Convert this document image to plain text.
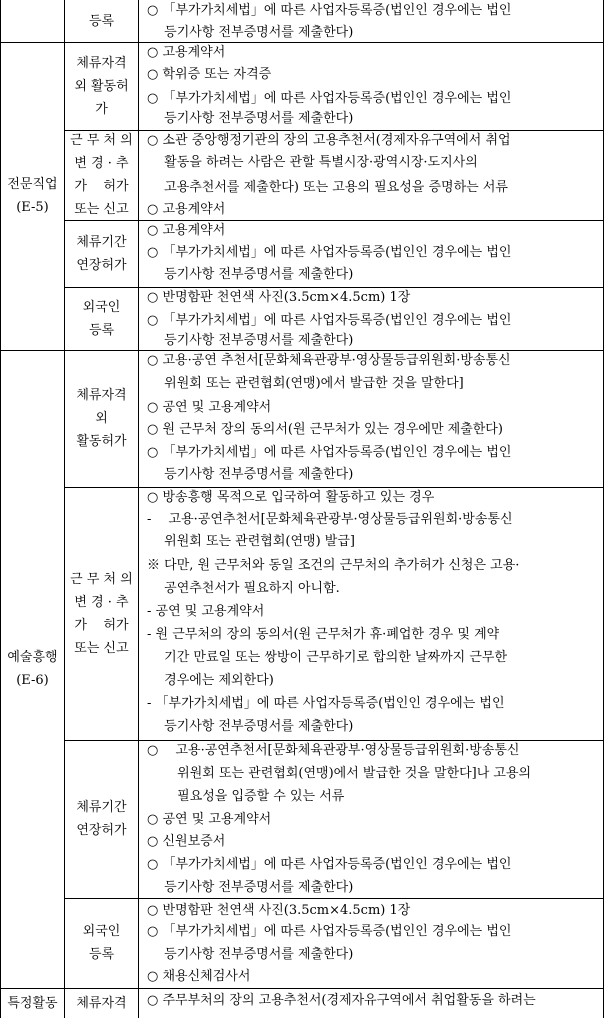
전문직업
(E-5)
예술흥행
(E-6)
특정활동
등록
체류자격
외 활동허
가
근 무 처 의
변 경 · 추
가    허가
또는 신고
체류기간
연장허가
외국인
등록
체류자격
외
활동허가
근 무 처 의
변 경 · 추
가    허가
또는 신고
체류기간
연장허가
외국인
등록
체류자격
○ 「부가가치세법」에 따른 사업자등록증(법인인 경우에는 법인
　 등기사항 전부증명서를 제출한다)
○ 고용계약서
○ 학위증 또는 자격증
○ 「부가가치세법」에 따른 사업자등록증(법인인 경우에는 법인
　 등기사항 전부증명서를 제출한다)
○ 소관 중앙행정기관의 장의 고용추천서(경제자유구역에서 취업
　 활동을 하려는 사람은 관할 특별시장·광역시장·도지사의
　 고용추천서를 제출한다) 또는 고용의 필요성을 증명하는 서류
○ 고용계약서
○ 고용계약서
○ 「부가가치세법」에 따른 사업자등록증(법인인 경우에는 법인
　 등기사항 전부증명서를 제출한다)
○ 반명함판 천연색 사진(3.5cm×4.5cm) 1장
○ 「부가가치세법」에 따른 사업자등록증(법인인 경우에는 법인
　 등기사항 전부증명서를 제출한다)
○ 고용·공연 추천서[문화체육관광부·영상물등급위원회·방송통신
　 위원회 또는 관련협회(연맹)에서 발급한 것을 말한다]
○ 공연 및 고용계약서
○ 원 근무처 장의 동의서(원 근무처가 있는 경우에만 제출한다)
○ 「부가가치세법」에 따른 사업자등록증(법인인 경우에는 법인
　 등기사항 전부증명서를 제출한다)
○ 방송흥행 목적으로 입국하여 활동하고 있는 경우
-　 고용·공연추천서[문화체육관광부·영상물등급위원회·방송통신
　 위원회 또는 관련협회(연맹) 발급]
※ 다만, 원 근무처와 동일 조건의 근무처의 추가허가 신청은 고용·
　 공연추천서가 필요하지 아니함.
- 공연 및 고용계약서
- 원 근무처의 장의 동의서(원 근무처가 휴·폐업한 경우 및 계약
　 기간 만료일 또는 쌍방이 근무하기로 합의한 날짜까지 근무한
　 경우에는 제외한다)
- 「부가가치세법」에 따른 사업자등록증(법인인 경우에는 법인
　 등기사항 전부증명서를 제출한다)
○　 고용·공연추천서[문화체육관광부·영상물등급위원회·방송통신
　　 위원회 또는 관련협회(연맹)에서 발급한 것을 말한다]나 고용의
　　 필요성을 입증할 수 있는 서류
○ 공연 및 고용계약서
○ 신원보증서
○ 「부가가치세법」에 따른 사업자등록증(법인인 경우에는 법인
　 등기사항 전부증명서를 제출한다)
○ 반명함판 천연색 사진(3.5cm×4.5cm) 1장
○ 「부가가치세법」에 따른 사업자등록증(법인인 경우에는 법인
　 등기사항 전부증명서를 제출한다)
○ 채용신체검사서
○ 주무부처의 장의 고용추천서(경제자유구역에서 취업활동을 하려는
